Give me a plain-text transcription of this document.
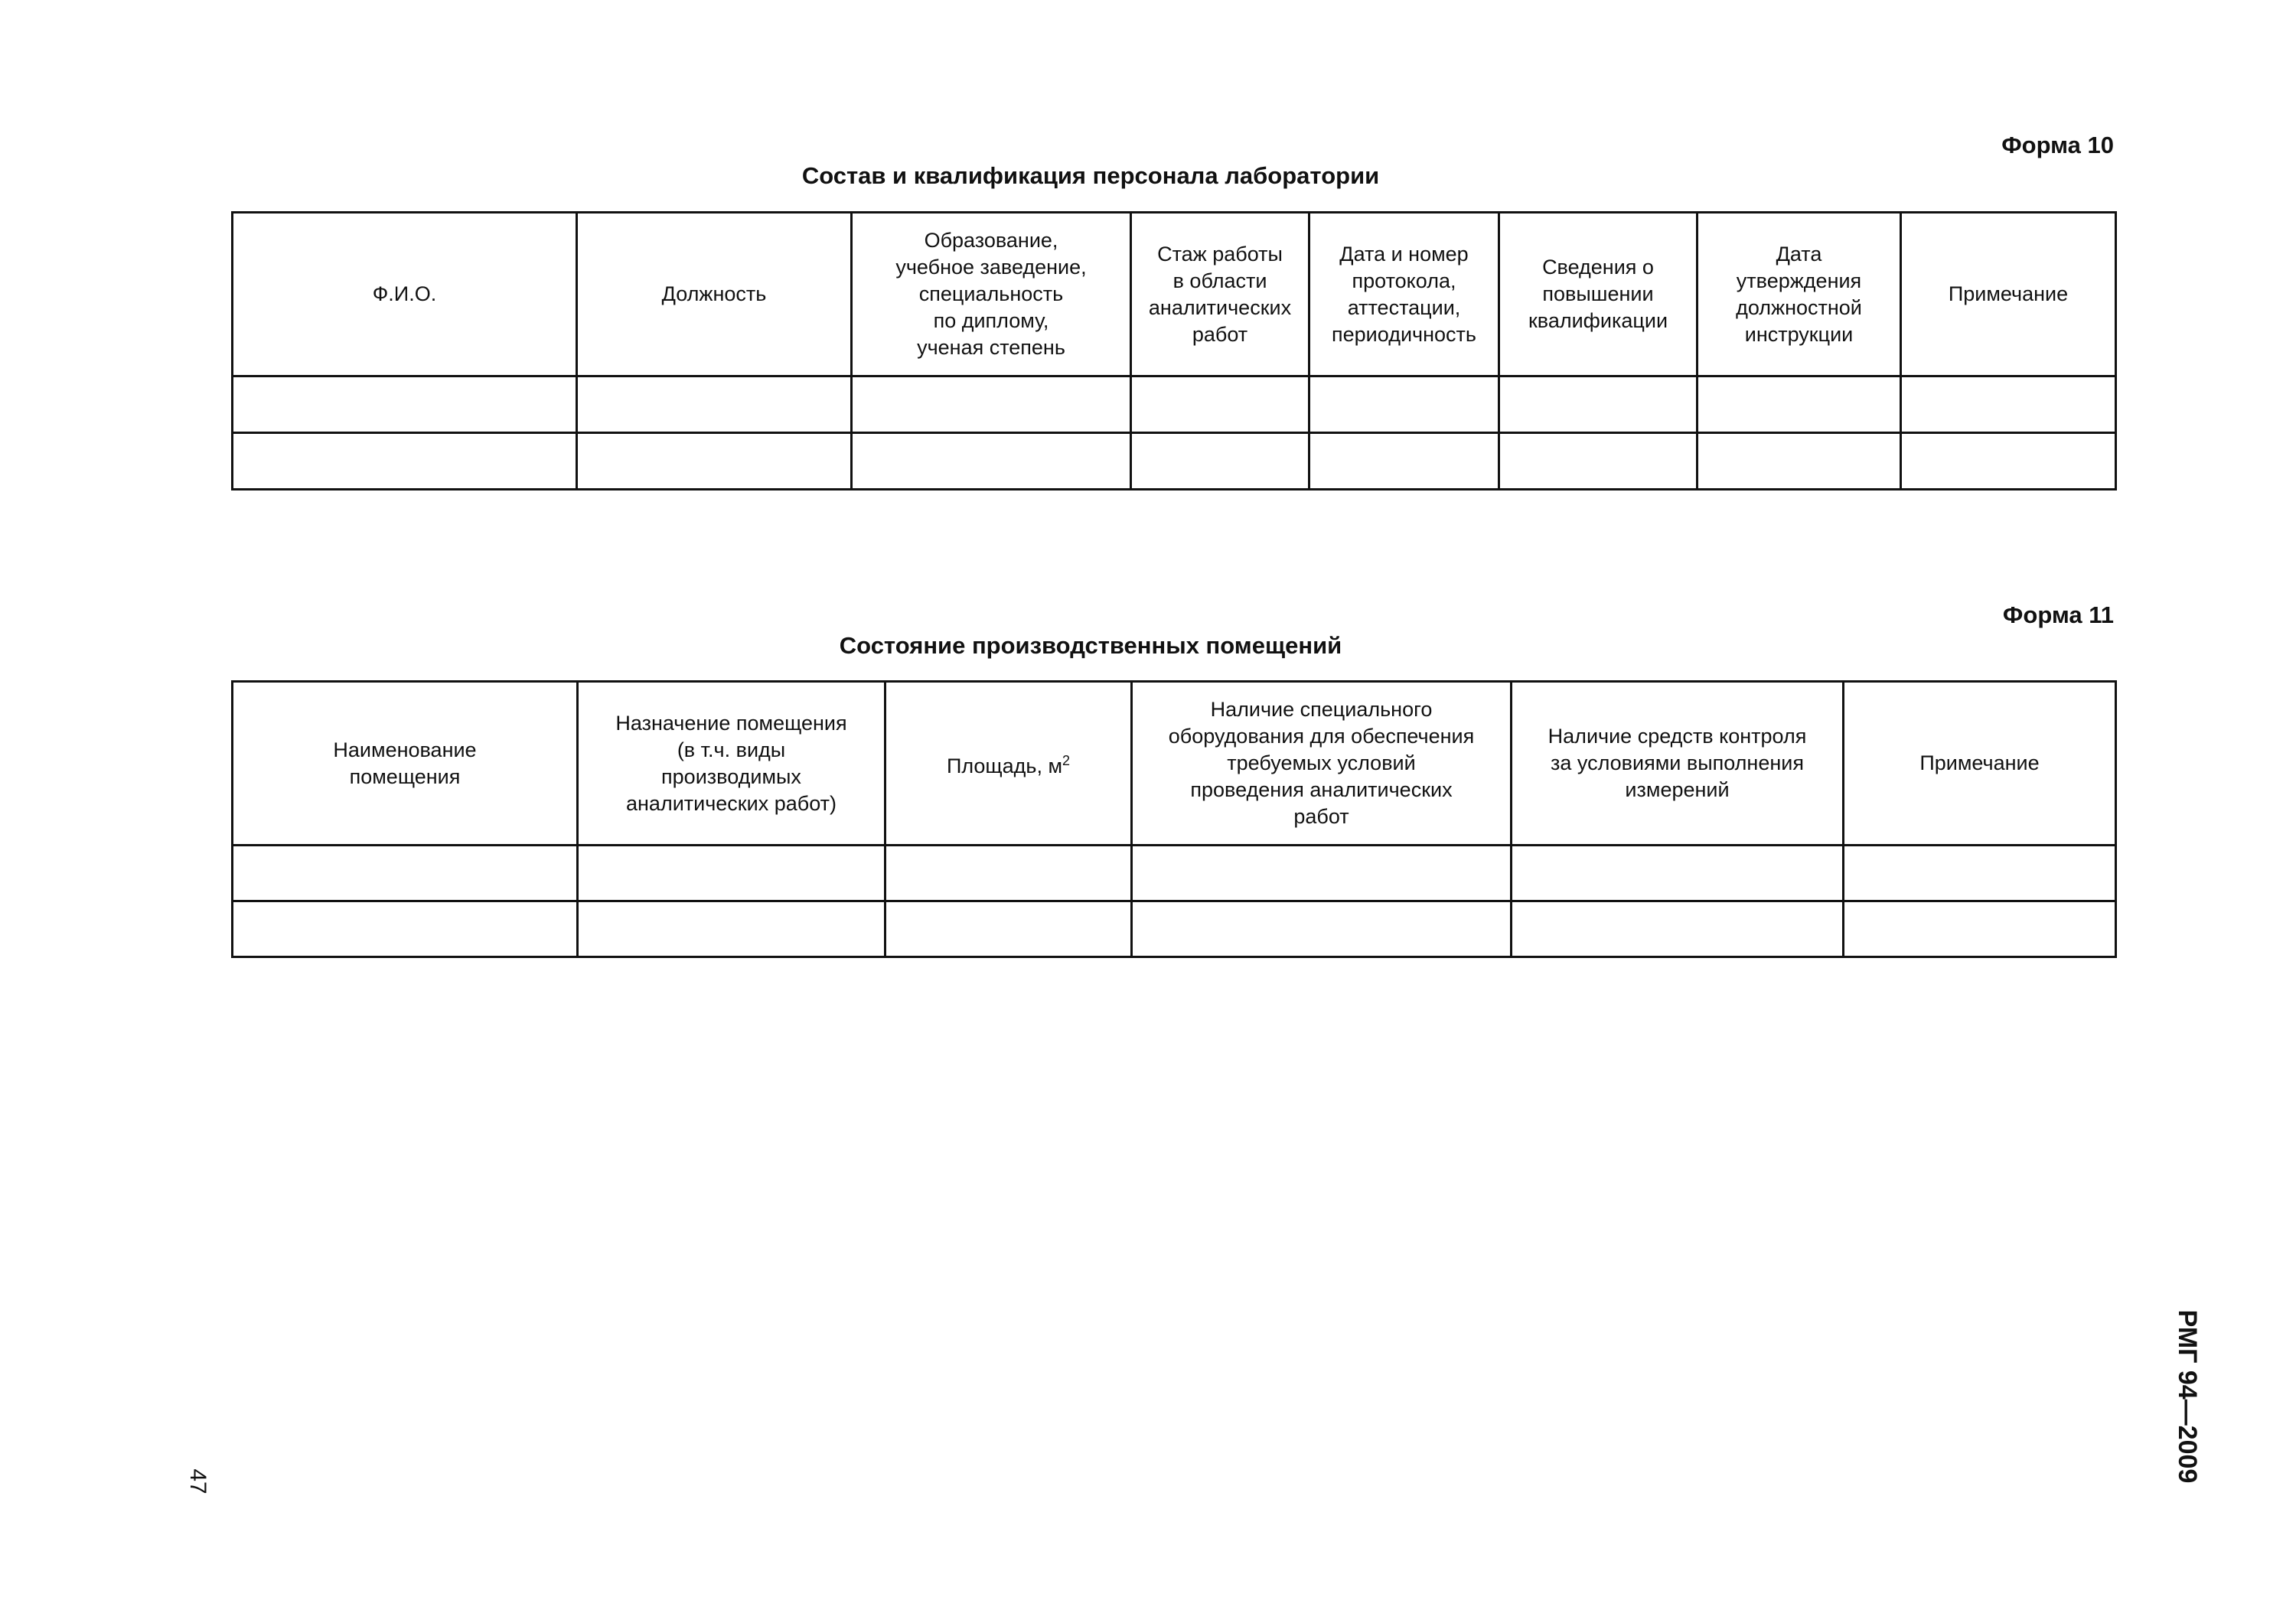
Форма 10
Состав и квалификация персонала лаборатории
Ф.И.О.	Должность	Образование,
учебное заведение,
специальность
по диплому,
ученая степень	Стаж работы
в области
аналитических
работ	Дата и номер
протокола,
аттестации,
периодичность	Сведения о
повышении
квалификации	Дата
утверждения
должностной
инструкции	Примечание

Форма 11
Состояние производственных помещений
Наименование
помещения	Назначение помещения
(в т.ч. виды
производимых
аналитических работ)	Площадь, $м^2$	Наличие специального
оборудования для обеспечения
требуемых условий
проведения аналитических
работ	Наличие средств контроля
за условиями выполнения
измерений	Примечание

47	РМГ 94—2009
